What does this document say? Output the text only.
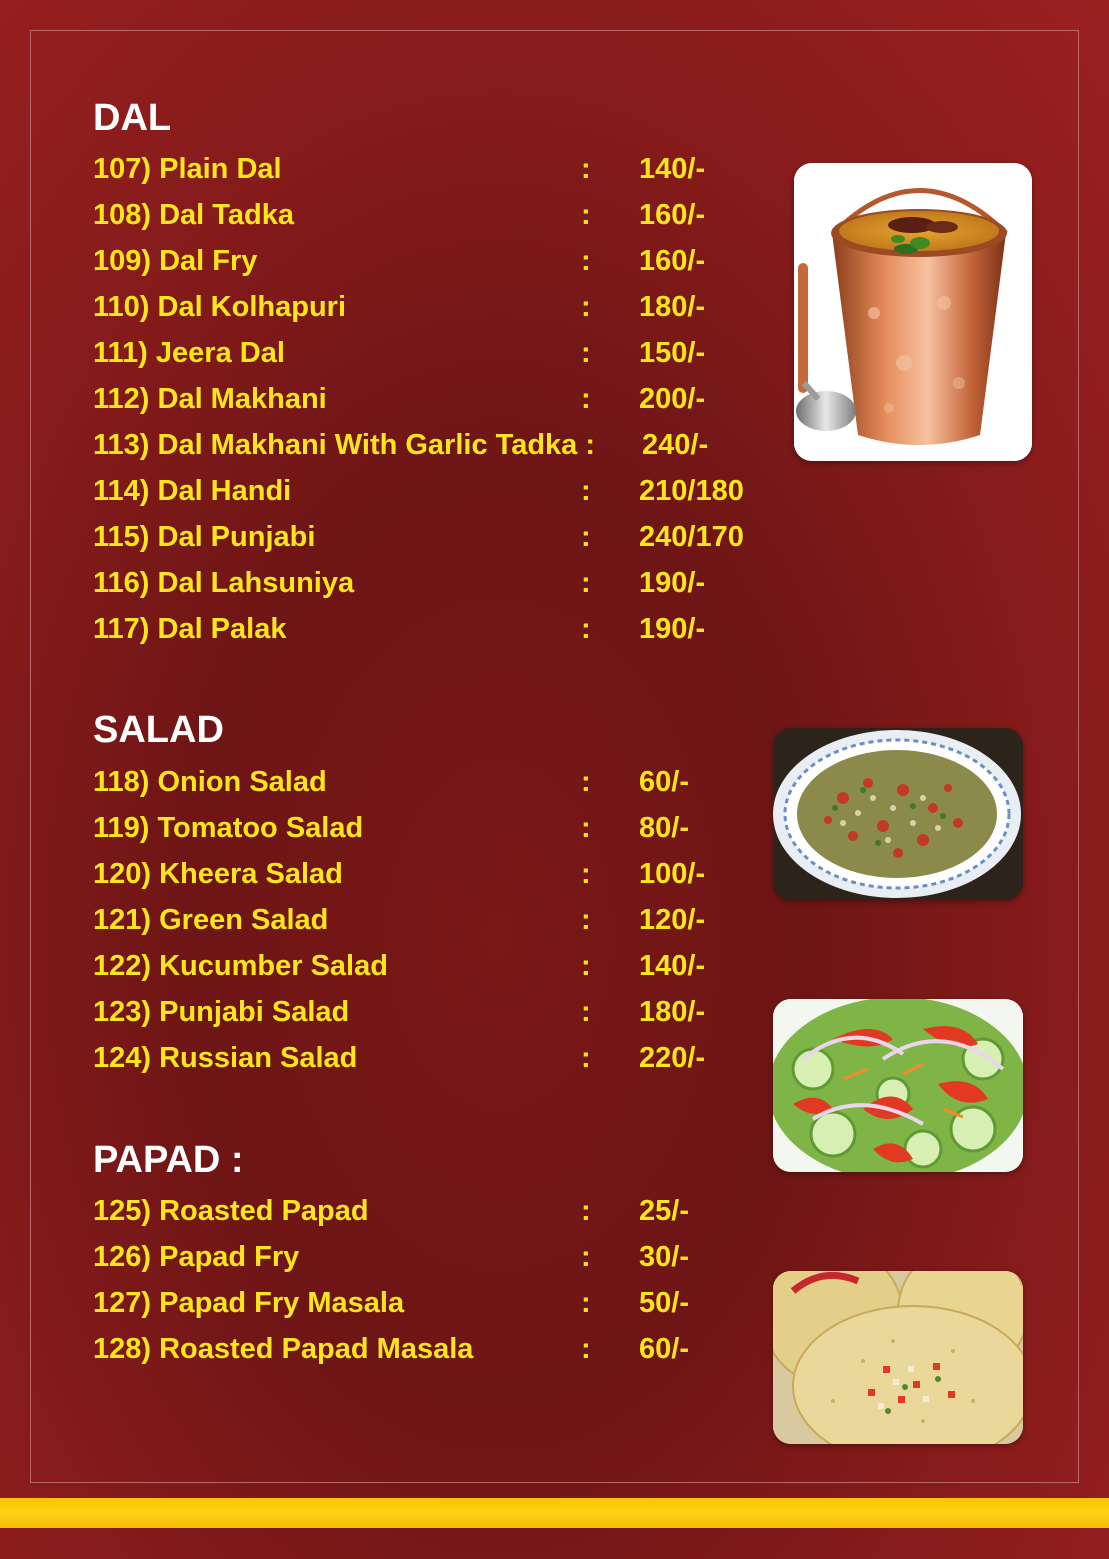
DAL
107) Plain Dal	: 140/-
108) Dal Tadka	: 160/-
109) Dal Fry	: 160/-
110) Dal Kolhapuri	: 180/-
111) Jeera Dal	: 150/-
112) Dal Makhani	: 200/-
113) Dal Makhani With Garlic Tadka : 240/-
114) Dal Handi	: 210/180
115) Dal Punjabi	: 240/170
116) Dal Lahsuniya	: 190/-
117) Dal Palak	: 190/-
SALAD
118) Onion Salad	: 60/-
119) Tomatoo Salad	: 80/-
120) Kheera Salad	: 100/-
121) Green Salad	: 120/-
122) Kucumber Salad	: 140/-
123) Punjabi Salad	: 180/-
124) Russian Salad	: 220/-
PAPAD :
125) Roasted Papad	: 25/-
126) Papad Fry	: 30/-
127) Papad Fry Masala	: 50/-
128) Roasted Papad Masala	: 60/-
